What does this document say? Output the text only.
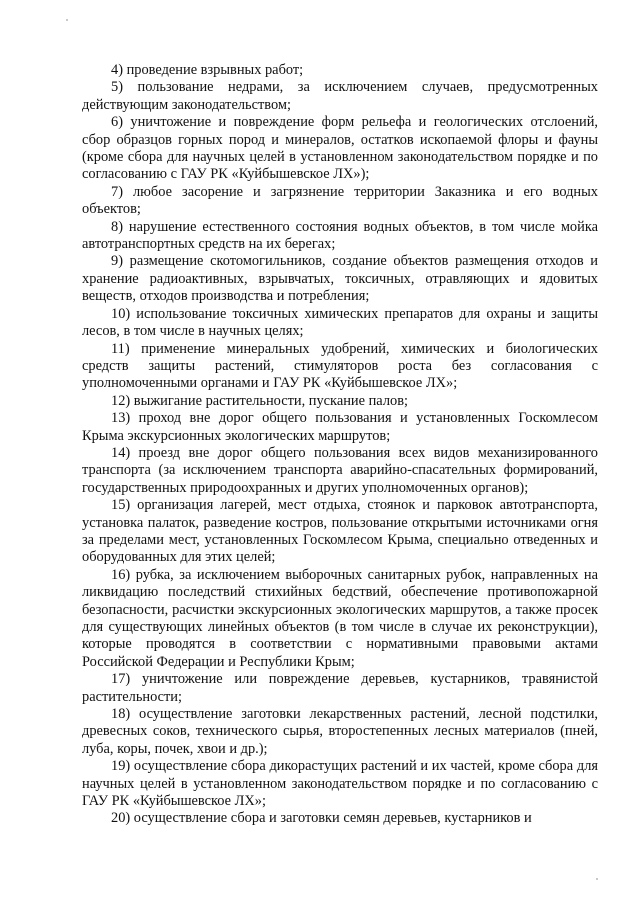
4) проведение взрывных работ;

5) пользование недрами, за исключением случаев, предусмотренных действующим законодательством;

6) уничтожение и повреждение форм рельефа и геологических отслоений, сбор образцов горных пород и минералов, остатков ископаемой флоры и фауны (кроме сбора для научных целей в установленном законодательством порядке и по согласованию с ГАУ РК «Куйбышевское ЛХ»);

7) любое засорение и загрязнение территории Заказника и его водных объектов;

8) нарушение естественного состояния водных объектов, в том числе мойка автотранспортных средств на их берегах;

9) размещение скотомогильников, создание объектов размещения отходов и хранение радиоактивных, взрывчатых, токсичных, отравляющих и ядовитых веществ, отходов производства и потребления;

10) использование токсичных химических препаратов для охраны и защиты лесов, в том числе в научных целях;

11) применение минеральных удобрений, химических и биологических средств защиты растений, стимуляторов роста без согласования с уполномоченными органами и ГАУ РК «Куйбышевское ЛХ»;

12) выжигание растительности, пускание палов;

13) проход вне дорог общего пользования и установленных Госкомлесом Крыма экскурсионных экологических маршрутов;

14) проезд вне дорог общего пользования всех видов механизированного транспорта (за исключением транспорта аварийно-спасательных формирований, государственных природоохранных и других уполномоченных органов);

15) организация лагерей, мест отдыха, стоянок и парковок автотранспорта, установка палаток, разведение костров, пользование открытыми источниками огня за пределами мест, установленных Госкомлесом Крыма, специально отведенных и оборудованных для этих целей;

16) рубка, за исключением выборочных санитарных рубок, направленных на ликвидацию последствий стихийных бедствий, обеспечение противопожарной безопасности, расчистки экскурсионных экологических маршрутов, а также просек для существующих линейных объектов (в том числе в случае их реконструкции), которые проводятся в соответствии с нормативными правовыми актами Российской Федерации и Республики Крым;

17) уничтожение или повреждение деревьев, кустарников, травянистой растительности;

18) осуществление заготовки лекарственных растений, лесной подстилки, древесных соков, технического сырья, второстепенных лесных материалов (пней, луба, коры, почек, хвои и др.);

19) осуществление сбора дикорастущих растений и их частей, кроме сбора для научных целей в установленном законодательством порядке и по согласованию с ГАУ РК «Куйбышевское ЛХ»;

20) осуществление сбора и заготовки семян деревьев, кустарников и
